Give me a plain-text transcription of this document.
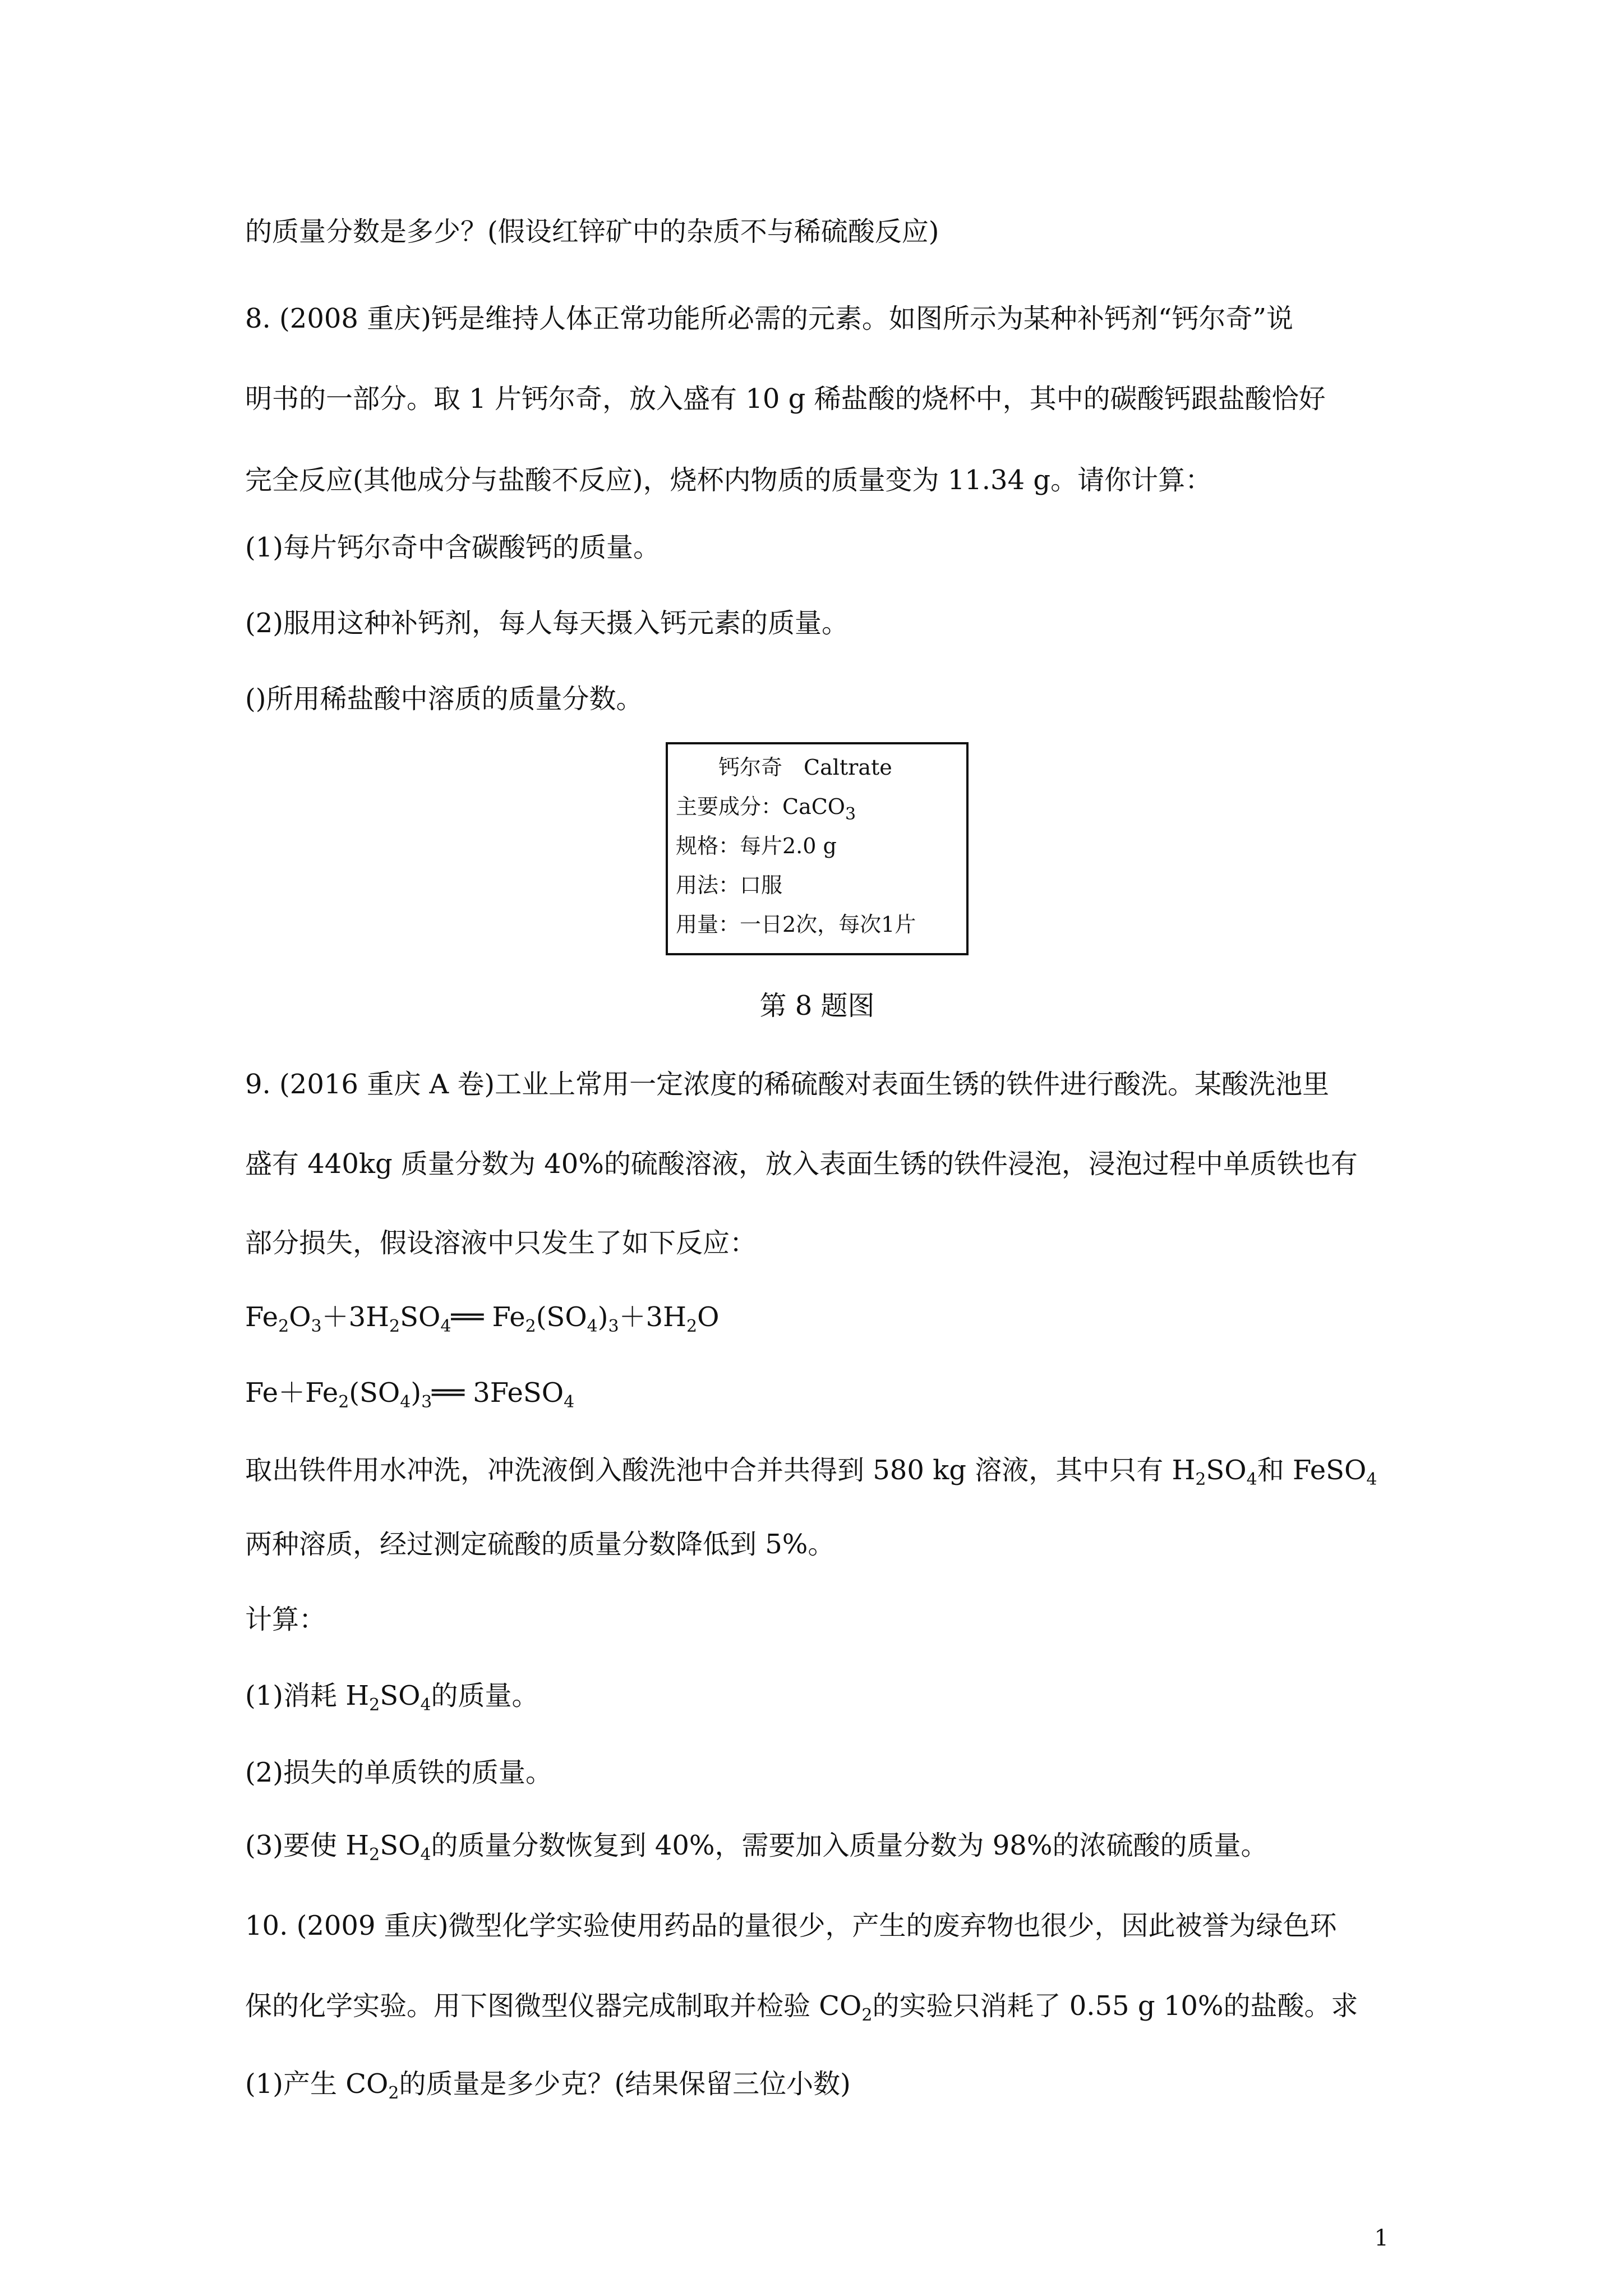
的质量分数是多少？(假设红锌矿中的杂质不与稀硫酸反应)
8. (2008 重庆)钙是维持人体正常功能所必需的元素。如图所示为某种补钙剂“钙尔奇”说
明书的一部分。取 1 片钙尔奇，放入盛有 10 g 稀盐酸的烧杯中，其中的碳酸钙跟盐酸恰好
完全反应(其他成分与盐酸不反应)，烧杯内物质的质量变为 11.34 g。请你计算：
(1)每片钙尔奇中含碳酸钙的质量。
(2)服用这种补钙剂，每人每天摄入钙元素的质量。
()所用稀盐酸中溶质的质量分数。
钙尔奇　Caltrate
主要成分：CaCO$_3$
规格：每片2.0 g
用法：口服
用量：一日2次，每次1片
第 8 题图
9. (2016 重庆 A 卷)工业上常用一定浓度的稀硫酸对表面生锈的铁件进行酸洗。某酸洗池里
盛有 440kg 质量分数为 40%的硫酸溶液，放入表面生锈的铁件浸泡，浸泡过程中单质铁也有
部分损失，假设溶液中只发生了如下反应：
$Fe_2O_3+3H_2SO_4══$ $Fe_2(SO_4)_3+3H_2O$
$Fe+Fe_2(SO_4)_3══$ 3FeSO$_4$
取出铁件用水冲洗，冲洗液倒入酸洗池中合并共得到 580 kg 溶液，其中只有 $H_2SO_4$和 FeSO$_4$
两种溶质，经过测定硫酸的质量分数降低到 5%。
计算：
(1)消耗 $H_2SO_4$的质量。
(2)损失的单质铁的质量。
(3)要使 $H_2SO_4$的质量分数恢复到 40%，需要加入质量分数为 98%的浓硫酸的质量。
10. (2009 重庆)微型化学实验使用药品的量很少，产生的废弃物也很少，因此被誉为绿色环
保的化学实验。用下图微型仪器完成制取并检验 $CO_2$的实验只消耗了 0.55 g 10%的盐酸。求
(1)产生 $CO_2$的质量是多少克？(结果保留三位小数)
1
